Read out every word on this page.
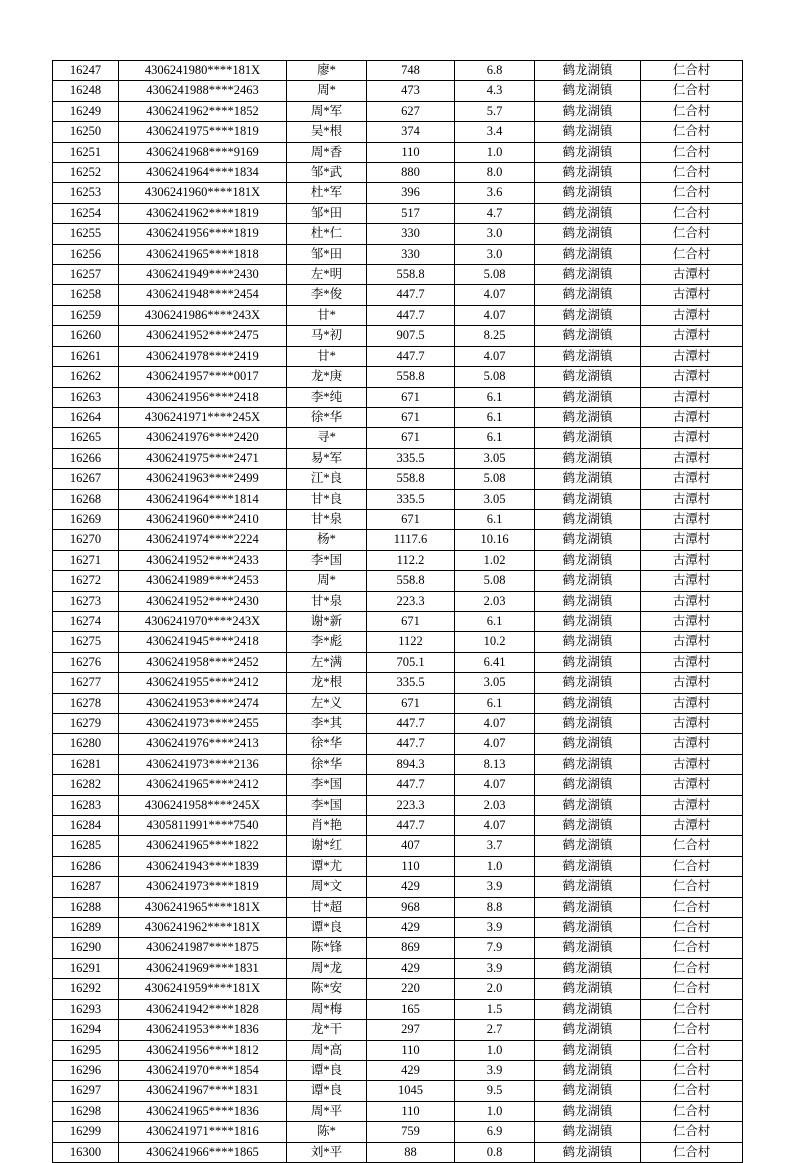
16247	4306241980****181X	廖*	748	6.8	鹤龙湖镇	仁合村
16248	4306241988****2463	周*	473	4.3	鹤龙湖镇	仁合村
16249	4306241962****1852	周*军	627	5.7	鹤龙湖镇	仁合村
16250	4306241975****1819	吴*根	374	3.4	鹤龙湖镇	仁合村
16251	4306241968****9169	周*香	110	1.0	鹤龙湖镇	仁合村
16252	4306241964****1834	邹*武	880	8.0	鹤龙湖镇	仁合村
16253	4306241960****181X	杜*军	396	3.6	鹤龙湖镇	仁合村
16254	4306241962****1819	邹*田	517	4.7	鹤龙湖镇	仁合村
16255	4306241956****1819	杜*仁	330	3.0	鹤龙湖镇	仁合村
16256	4306241965****1818	邹*田	330	3.0	鹤龙湖镇	仁合村
16257	4306241949****2430	左*明	558.8	5.08	鹤龙湖镇	古潭村
16258	4306241948****2454	李*俊	447.7	4.07	鹤龙湖镇	古潭村
16259	4306241986****243X	甘*	447.7	4.07	鹤龙湖镇	古潭村
16260	4306241952****2475	马*初	907.5	8.25	鹤龙湖镇	古潭村
16261	4306241978****2419	甘*	447.7	4.07	鹤龙湖镇	古潭村
16262	4306241957****0017	龙*庚	558.8	5.08	鹤龙湖镇	古潭村
16263	4306241956****2418	李*纯	671	6.1	鹤龙湖镇	古潭村
16264	4306241971****245X	徐*华	671	6.1	鹤龙湖镇	古潭村
16265	4306241976****2420	寻*	671	6.1	鹤龙湖镇	古潭村
16266	4306241975****2471	易*军	335.5	3.05	鹤龙湖镇	古潭村
16267	4306241963****2499	江*良	558.8	5.08	鹤龙湖镇	古潭村
16268	4306241964****1814	甘*良	335.5	3.05	鹤龙湖镇	古潭村
16269	4306241960****2410	甘*泉	671	6.1	鹤龙湖镇	古潭村
16270	4306241974****2224	杨*	1117.6	10.16	鹤龙湖镇	古潭村
16271	4306241952****2433	李*国	112.2	1.02	鹤龙湖镇	古潭村
16272	4306241989****2453	周*	558.8	5.08	鹤龙湖镇	古潭村
16273	4306241952****2430	甘*泉	223.3	2.03	鹤龙湖镇	古潭村
16274	4306241970****243X	谢*新	671	6.1	鹤龙湖镇	古潭村
16275	4306241945****2418	李*彪	1122	10.2	鹤龙湖镇	古潭村
16276	4306241958****2452	左*满	705.1	6.41	鹤龙湖镇	古潭村
16277	4306241955****2412	龙*根	335.5	3.05	鹤龙湖镇	古潭村
16278	4306241953****2474	左*义	671	6.1	鹤龙湖镇	古潭村
16279	4306241973****2455	李*其	447.7	4.07	鹤龙湖镇	古潭村
16280	4306241976****2413	徐*华	447.7	4.07	鹤龙湖镇	古潭村
16281	4306241973****2136	徐*华	894.3	8.13	鹤龙湖镇	古潭村
16282	4306241965****2412	李*国	447.7	4.07	鹤龙湖镇	古潭村
16283	4306241958****245X	李*国	223.3	2.03	鹤龙湖镇	古潭村
16284	4305811991****7540	肖*艳	447.7	4.07	鹤龙湖镇	古潭村
16285	4306241965****1822	谢*红	407	3.7	鹤龙湖镇	仁合村
16286	4306241943****1839	谭*尤	110	1.0	鹤龙湖镇	仁合村
16287	4306241973****1819	周*文	429	3.9	鹤龙湖镇	仁合村
16288	4306241965****181X	甘*超	968	8.8	鹤龙湖镇	仁合村
16289	4306241962****181X	谭*良	429	3.9	鹤龙湖镇	仁合村
16290	4306241987****1875	陈*锋	869	7.9	鹤龙湖镇	仁合村
16291	4306241969****1831	周*龙	429	3.9	鹤龙湖镇	仁合村
16292	4306241959****181X	陈*安	220	2.0	鹤龙湖镇	仁合村
16293	4306241942****1828	周*梅	165	1.5	鹤龙湖镇	仁合村
16294	4306241953****1836	龙*干	297	2.7	鹤龙湖镇	仁合村
16295	4306241956****1812	周*高	110	1.0	鹤龙湖镇	仁合村
16296	4306241970****1854	谭*良	429	3.9	鹤龙湖镇	仁合村
16297	4306241967****1831	谭*良	1045	9.5	鹤龙湖镇	仁合村
16298	4306241965****1836	周*平	110	1.0	鹤龙湖镇	仁合村
16299	4306241971****1816	陈*	759	6.9	鹤龙湖镇	仁合村
16300	4306241966****1865	刘*平	88	0.8	鹤龙湖镇	仁合村
